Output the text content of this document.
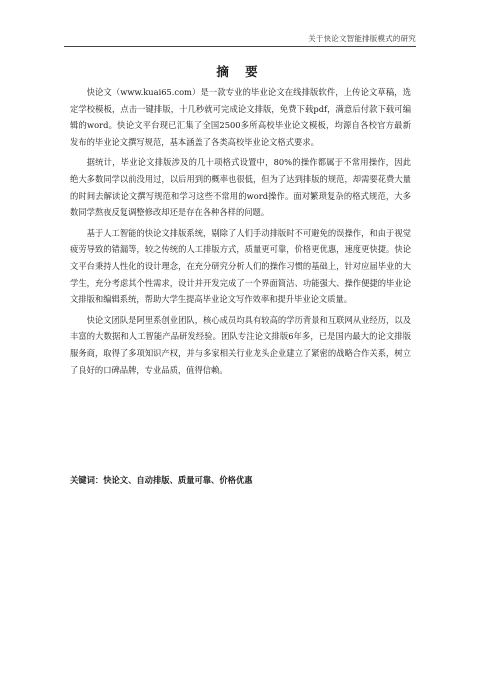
关于快论文智能排版模式的研究
摘 要

快论文（www.kuai65.com）是一款专业的毕业论文在线排版软件，上传论文草稿，选定学校模板，点击一键排版，十几秒就可完成论文排版，免费下载pdf，满意后付款下载可编辑的word。快论文平台现已汇集了全国2500多所高校毕业论文模板，均源自各校官方最新发布的毕业论文撰写规范，基本涵盖了各类高校毕业论文格式要求。

据统计，毕业论文排版涉及的几十项格式设置中，80%的操作都属于不常用操作，因此绝大多数同学以前没用过，以后用到的概率也很低，但为了达到排版的规范，却需要花费大量的时间去解读论文撰写规范和学习这些不常用的word操作。面对繁琐复杂的格式规范，大多数同学熬夜反复调整修改却还是存在各种各样的问题。

基于人工智能的快论文排版系统，剔除了人们手动排版时不可避免的误操作，和由于视觉疲劳导致的错漏等，较之传统的人工排版方式，质量更可靠，价格更优惠，速度更快捷。快论文平台秉持人性化的设计理念，在充分研究分析人们的操作习惯的基础上，针对应届毕业的大学生，充分考虑其个性需求，设计并开发完成了一个界面简洁、功能强大、操作便捷的毕业论文排版和编辑系统，帮助大学生提高毕业论文写作效率和提升毕业论文质量。

快论文团队是阿里系创业团队，核心成员均具有较高的学历背景和互联网从业经历，以及丰富的大数据和人工智能产品研发经验。团队专注论文排版6年多，已是国内最大的论文排版服务商，取得了多项知识产权，并与多家相关行业龙头企业建立了紧密的战略合作关系，树立了良好的口碑品牌，专业品质，值得信赖。

关键词：快论文、自动排版、质量可靠、价格优惠
